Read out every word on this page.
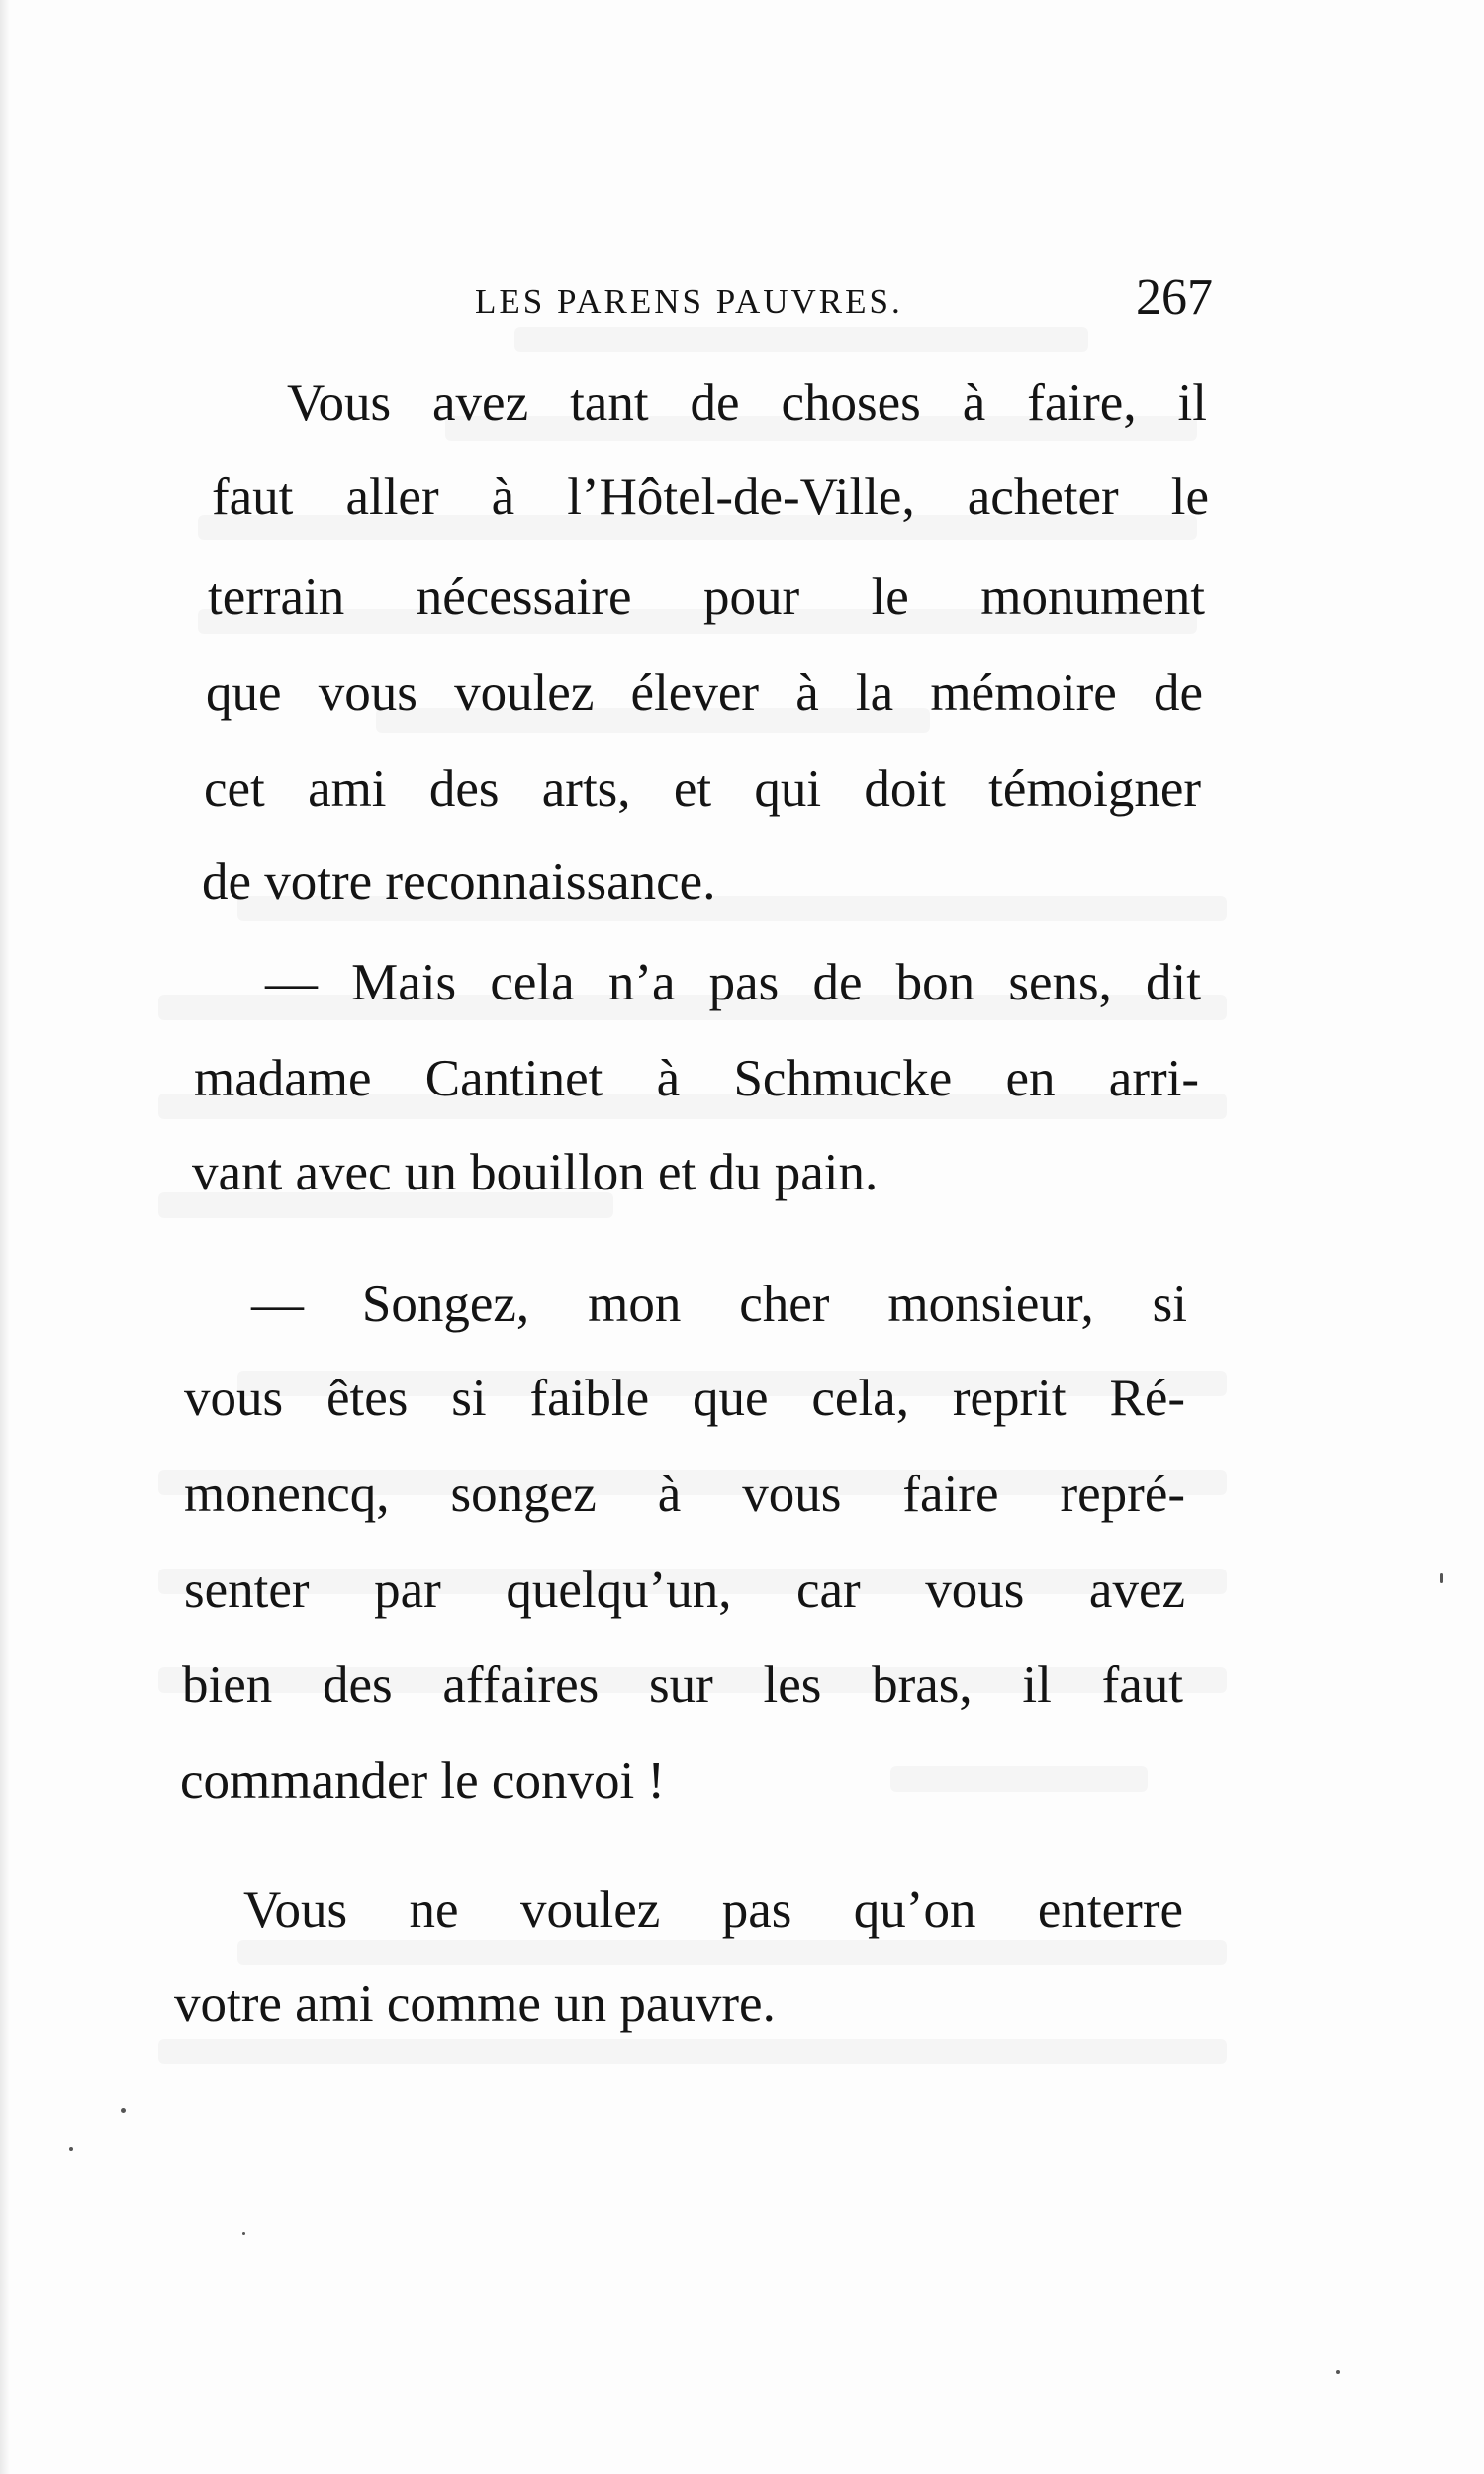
LES PARENS PAUVRES.	267
Vous avez tant de choses à faire, il
faut aller à l’Hôtel-de-Ville, acheter le
terrain nécessaire pour le monument
que vous voulez élever à la mémoire de
cet ami des arts, et qui doit témoigner
de votre reconnaissance.
— Mais cela n’a pas de bon sens, dit
madame Cantinet à Schmucke en arri-
vant avec un bouillon et du pain.
— Songez, mon cher monsieur, si
vous êtes si faible que cela, reprit Ré-
monencq, songez à vous faire repré-
senter par quelqu’un, car vous avez
bien des affaires sur les bras, il faut
commander le convoi !
Vous ne voulez pas qu’on enterre
votre ami comme un pauvre.
